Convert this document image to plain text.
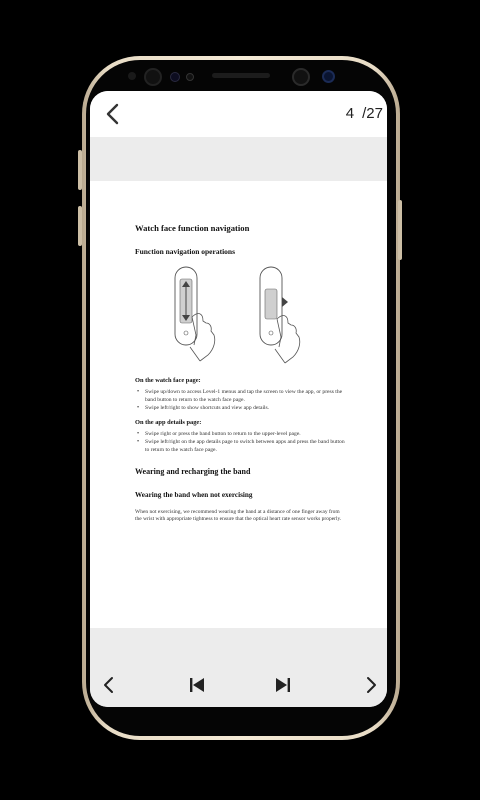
4 /27
Watch face function navigation
Function navigation operations
On the watch face page:
•	Swipe up/down to access Level-1 menus and tap the screen to view the app, or press the band button to return to the watch face page.
•	Swipe left/right to show shortcuts and view app details.
On the app details page:
•	Swipe right or press the band button to return to the upper-level page.
•	Swipe left/right on the app details page to switch between apps and press the band button to return to the watch face page.
Wearing and recharging the band
Wearing the band when not exercising
When not exercising, we recommend wearing the band at a distance of one finger away from the wrist with appropriate tightness to ensure that the optical heart rate sensor works properly.
